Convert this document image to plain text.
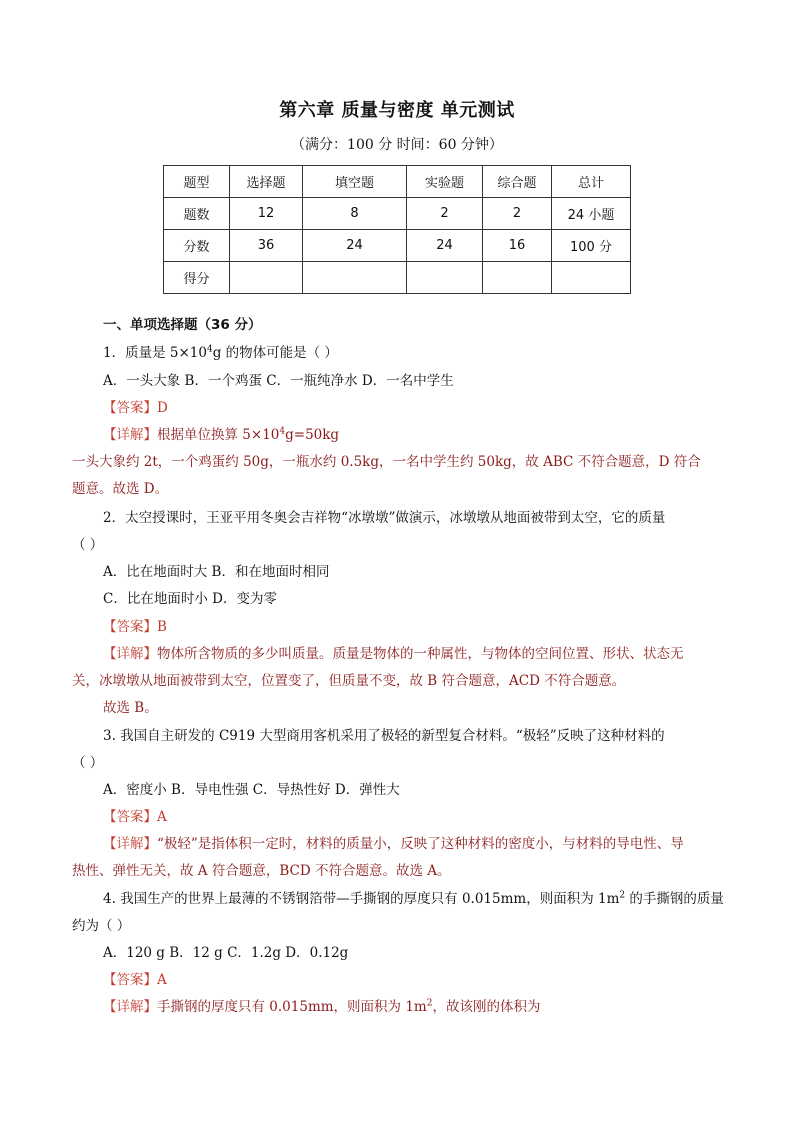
第六章 质量与密度 单元测试
（满分：100 分 时间：60 分钟）
题型	选择题	填空题	实验题	综合题	总计
题数	12	8	2	2	24 小题
分数	36	24	24	16	100 分
得分					
一、单项选择题（36 分）
1．质量是 $5\times 10^4g$ 的物体可能是（ ）
A．一头大象 B．一个鸡蛋 C．一瓶纯净水 D．一名中学生
【答案】D
【详解】根据单位换算 $5\times 10^4g=50kg$
一头大象约 2t，一个鸡蛋约 50g，一瓶水约 0.5kg，一名中学生约 50kg，故 ABC 不符合题意，D 符合
题意。故选 D。
2．太空授课时，王亚平用冬奥会吉祥物“冰墩墩”做演示，冰墩墩从地面被带到太空，它的质量
（ ）
A．比在地面时大 B．和在地面时相同
C．比在地面时小 D．变为零
【答案】B
【详解】物体所含物质的多少叫质量。质量是物体的一种属性，与物体的空间位置、形状、状态无
关，冰墩墩从地面被带到太空，位置变了，但质量不变，故 B 符合题意，ACD 不符合题意。
故选 B。
3. 我国自主研发的 C919 大型商用客机采用了极轻的新型复合材料。“极轻”反映了这种材料的
（ ）
A．密度小 B．导电性强 C．导热性好 D．弹性大
【答案】A
【详解】“极轻”是指体积一定时，材料的质量小，反映了这种材料的密度小，与材料的导电性、导
热性、弹性无关，故 A 符合题意，BCD 不符合题意。故选 A。
4. 我国生产的世界上最薄的不锈钢箔带—手撕钢的厚度只有 0.015mm，则面积为 $1m^2$ 的手撕钢的质量
约为（ ）
A．120 g B．12 g C．1.2g D．0.12g
【答案】A
【详解】手撕钢的厚度只有 0.015mm，则面积为 $1m^2$，故该刚的体积为
